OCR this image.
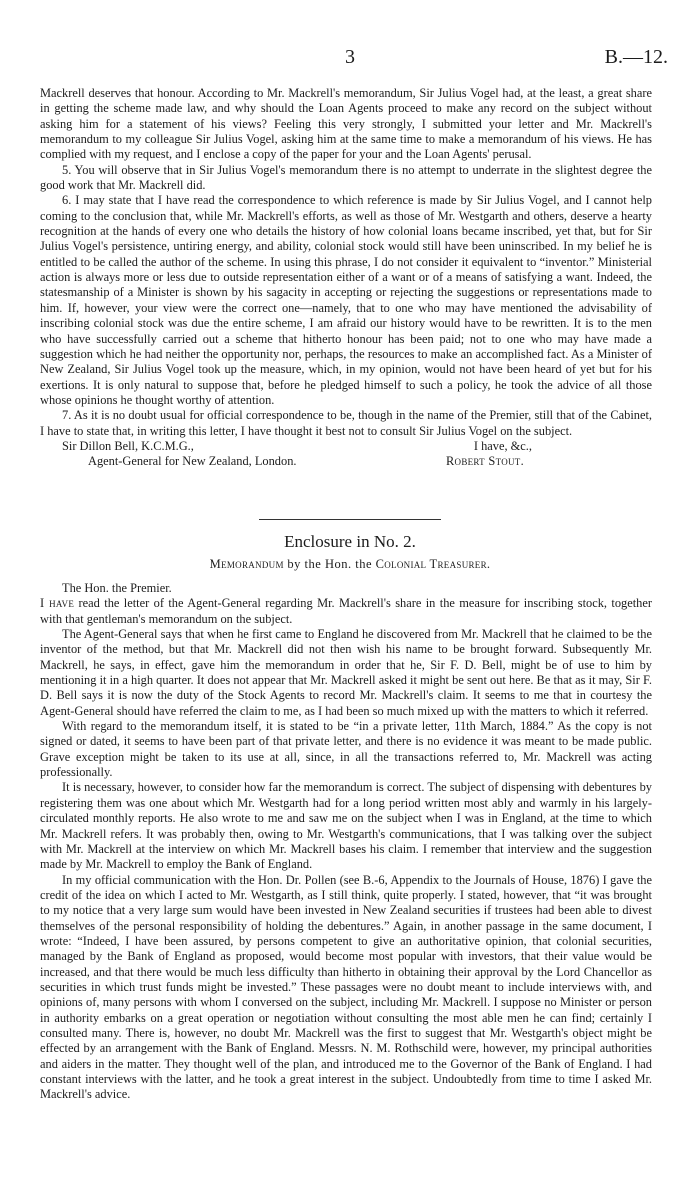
3	B.—12.

Mackrell deserves that honour. According to Mr. Mackrell's memorandum, Sir Julius Vogel had, at the least, a great share in getting the scheme made law, and why should the Loan Agents proceed to make any record on the subject without asking him for a statement of his views? Feeling this very strongly, I submitted your letter and Mr. Mackrell's memorandum to my colleague Sir Julius Vogel, asking him at the same time to make a memorandum of his views. He has complied with my request, and I enclose a copy of the paper for your and the Loan Agents' perusal.

5. You will observe that in Sir Julius Vogel's memorandum there is no attempt to underrate in the slightest degree the good work that Mr. Mackrell did.

6. I may state that I have read the correspondence to which reference is made by Sir Julius Vogel, and I cannot help coming to the conclusion that, while Mr. Mackrell's efforts, as well as those of Mr. Westgarth and others, deserve a hearty recognition at the hands of every one who details the history of how colonial loans became inscribed, yet that, but for Sir Julius Vogel's persistence, untiring energy, and ability, colonial stock would still have been uninscribed. In my belief he is entitled to be called the author of the scheme. In using this phrase, I do not consider it equivalent to “inventor.” Ministerial action is always more or less due to outside representation either of a want or of a means of satisfying a want. Indeed, the statesmanship of a Minister is shown by his sagacity in accepting or rejecting the suggestions or representations made to him. If, however, your view were the correct one—namely, that to one who may have mentioned the advisability of inscribing colonial stock was due the entire scheme, I am afraid our history would have to be rewritten. It is to the men who have successfully carried out a scheme that hitherto honour has been paid; not to one who may have made a suggestion which he had neither the opportunity nor, perhaps, the resources to make an accomplished fact. As a Minister of New Zealand, Sir Julius Vogel took up the measure, which, in my opinion, would not have been heard of yet but for his exertions. It is only natural to suppose that, before he pledged himself to such a policy, he took the advice of all those whose opinions he thought worthy of attention.

7. As it is no doubt usual for official correspondence to be, though in the name of the Premier, still that of the Cabinet, I have to state that, in writing this letter, I have thought it best not to consult Sir Julius Vogel on the subject.

Sir Dillon Bell, K.C.M.G.,	I have, &c.,
Agent-General for New Zealand, London.	Robert Stout.
Enclosure in No. 2.
Memorandum by the Hon. the Colonial Treasurer.
The Hon. the Premier.

I have read the letter of the Agent-General regarding Mr. Mackrell's share in the measure for inscribing stock, together with that gentleman's memorandum on the subject.

The Agent-General says that when he first came to England he discovered from Mr. Mackrell that he claimed to be the inventor of the method, but that Mr. Mackrell did not then wish his name to be brought forward. Subsequently Mr. Mackrell, he says, in effect, gave him the memorandum in order that he, Sir F. D. Bell, might be of use to him by mentioning it in a high quarter. It does not appear that Mr. Mackrell asked it might be sent out here. Be that as it may, Sir F. D. Bell says it is now the duty of the Stock Agents to record Mr. Mackrell's claim. It seems to me that in courtesy the Agent-General should have referred the claim to me, as I had been so much mixed up with the matters to which it referred.

With regard to the memorandum itself, it is stated to be “in a private letter, 11th March, 1884.” As the copy is not signed or dated, it seems to have been part of that private letter, and there is no evidence it was meant to be made public. Grave exception might be taken to its use at all, since, in all the transactions referred to, Mr. Mackrell was acting professionally.

It is necessary, however, to consider how far the memorandum is correct. The subject of dispensing with debentures by registering them was one about which Mr. Westgarth had for a long period written most ably and warmly in his largely-circulated monthly reports. He also wrote to me and saw me on the subject when I was in England, at the time to which Mr. Mackrell refers. It was probably then, owing to Mr. Westgarth's communications, that I was talking over the subject with Mr. Mackrell at the interview on which Mr. Mackrell bases his claim. I remember that interview and the suggestion made by Mr. Mackrell to employ the Bank of England.

In my official communication with the Hon. Dr. Pollen (see B.-6, Appendix to the Journals of House, 1876) I gave the credit of the idea on which I acted to Mr. Westgarth, as I still think, quite properly. I stated, however, that “it was brought to my notice that a very large sum would have been invested in New Zealand securities if trustees had been able to divest themselves of the personal responsibility of holding the debentures.” Again, in another passage in the same document, I wrote: “Indeed, I have been assured, by persons competent to give an authoritative opinion, that colonial securities, managed by the Bank of England as proposed, would become most popular with investors, that their value would be increased, and that there would be much less difficulty than hitherto in obtaining their approval by the Lord Chancellor as securities in which trust funds might be invested.” These passages were no doubt meant to include interviews with, and opinions of, many persons with whom I conversed on the subject, including Mr. Mackrell. I suppose no Minister or person in authority embarks on a great operation or negotiation without consulting the most able men he can find; certainly I consulted many. There is, however, no doubt Mr. Mackrell was the first to suggest that Mr. Westgarth's object might be effected by an arrangement with the Bank of England. Messrs. N. M. Rothschild were, however, my principal authorities and aiders in the matter. They thought well of the plan, and introduced me to the Governor of the Bank of England. I had constant interviews with the latter, and he took a great interest in the subject. Undoubtedly from time to time I asked Mr. Mackrell's advice.
